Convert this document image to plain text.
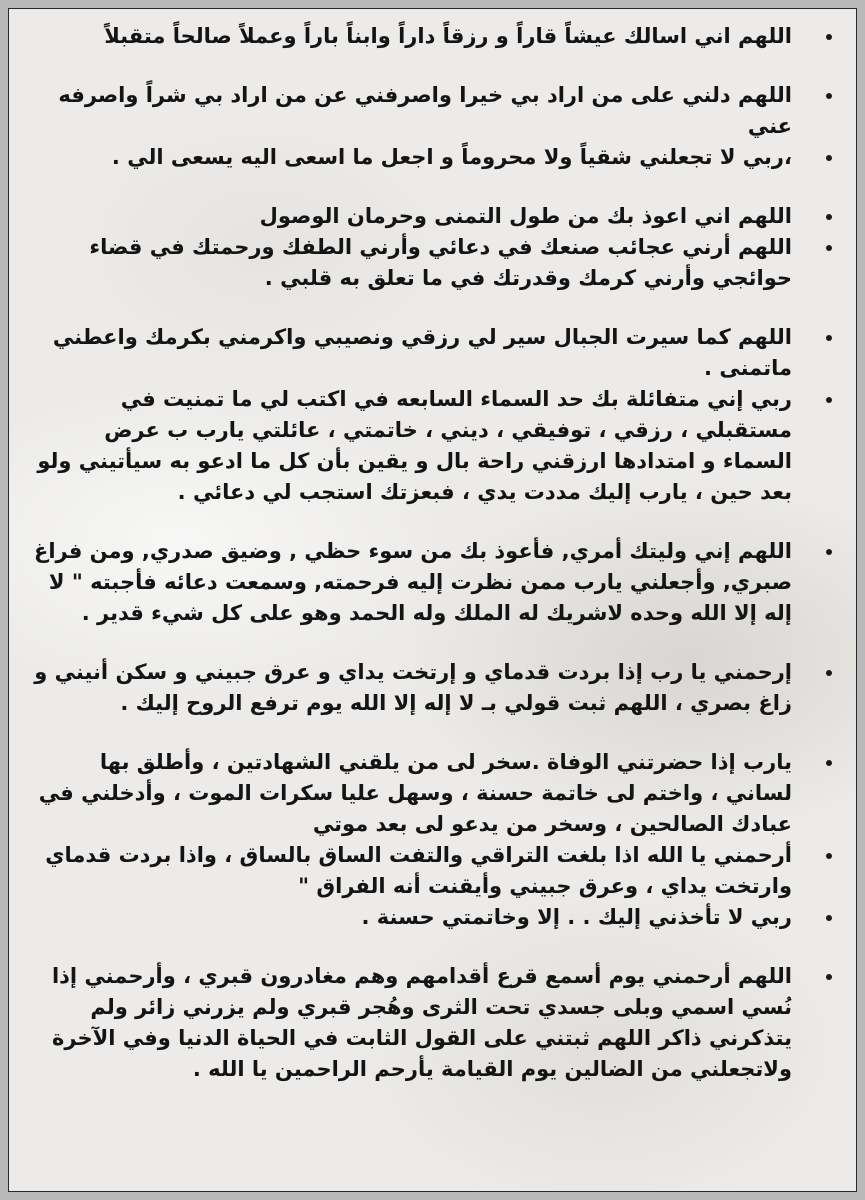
اللهم اني اسالك عيشاً قاراً و رزقاً داراً وابناً باراً وعملاً صالحاً متقبلاً
اللهم دلني على من اراد بي خيرا واصرفني عن من اراد بي شراً واصرفه عني
،ربي لا تجعلني شقياً ولا محروماً و اجعل ما اسعى اليه يسعى الي .
اللهم اني اعوذ بك من طول التمنى وحرمان الوصول
اللهم أرني عجائب صنعك في دعائي وأرني الطفك ورحمتك في قضاء حوائجي وأرني كرمك وقدرتك في ما تعلق به قلبي .
اللهم كما سيرت الجبال سير لي رزقي ونصيبي واكرمني بكرمك واعطني ماتمنى .
ربي إني متفائلة بك حد السماء السابعه في اكتب لي ما تمنيت في مستقبلي ، رزقي ، توفيقي ، ديني ، خاتمتي ، عائلتي يارب ب عرض السماء و امتدادها ارزقني راحة بال و يقين بأن كل ما ادعو به سيأتيني ولو بعد حين ، يارب إليك مددت يدي ، فبعزتك استجب لي دعائي .
اللهم إني وليتك أمري, فأعوذ بك من سوء حظي , وضيق صدري, ومن فراغ صبري, وأجعلني يارب ممن نظرت إليه فرحمته, وسمعت دعائه فأجبته " لا إله إلا الله وحده لاشريك له الملك وله الحمد وهو على كل شيء قدير .
إرحمني يا رب إذا بردت قدماي و إرتخت يداي و عرق جبيني و سكن أنيني و زاغ بصري ، اللهم ثبت قولي بـ لا إله إلا الله يوم ترفع الروح إليك .
يارب إذا حضرتني الوفاة .سخر لى من يلقني الشهادتين ، وأطلق بها لساني ، واختم لى خاتمة حسنة ، وسهل عليا سكرات الموت ، وأدخلني في عبادك الصالحين ، وسخر من يدعو لى بعد موتي
أرحمني يا الله اذا بلغت التراقي والتفت الساق بالساق ، واذا بردت قدماي وارتخت يداي ، وعرق جبيني وأيقنت أنه الفراق "
ربي لا تأخذني إليك . . إلا وخاتمتي حسنة .
اللهم أرحمني يوم أسمع قرع أقدامهم وهم مغادرون قبري ، وأرحمني إذا نُسي اسمي وبلى جسدي تحت الثرى وهُجر قبري ولم يزرني زائر ولم يتذكرني ذاكر اللهم ثبتني على القول الثابت في الحياة الدنيا وفي الآخرة ولاتجعلني من الضالين يوم القيامة يأرحم الراحمين يا الله .
